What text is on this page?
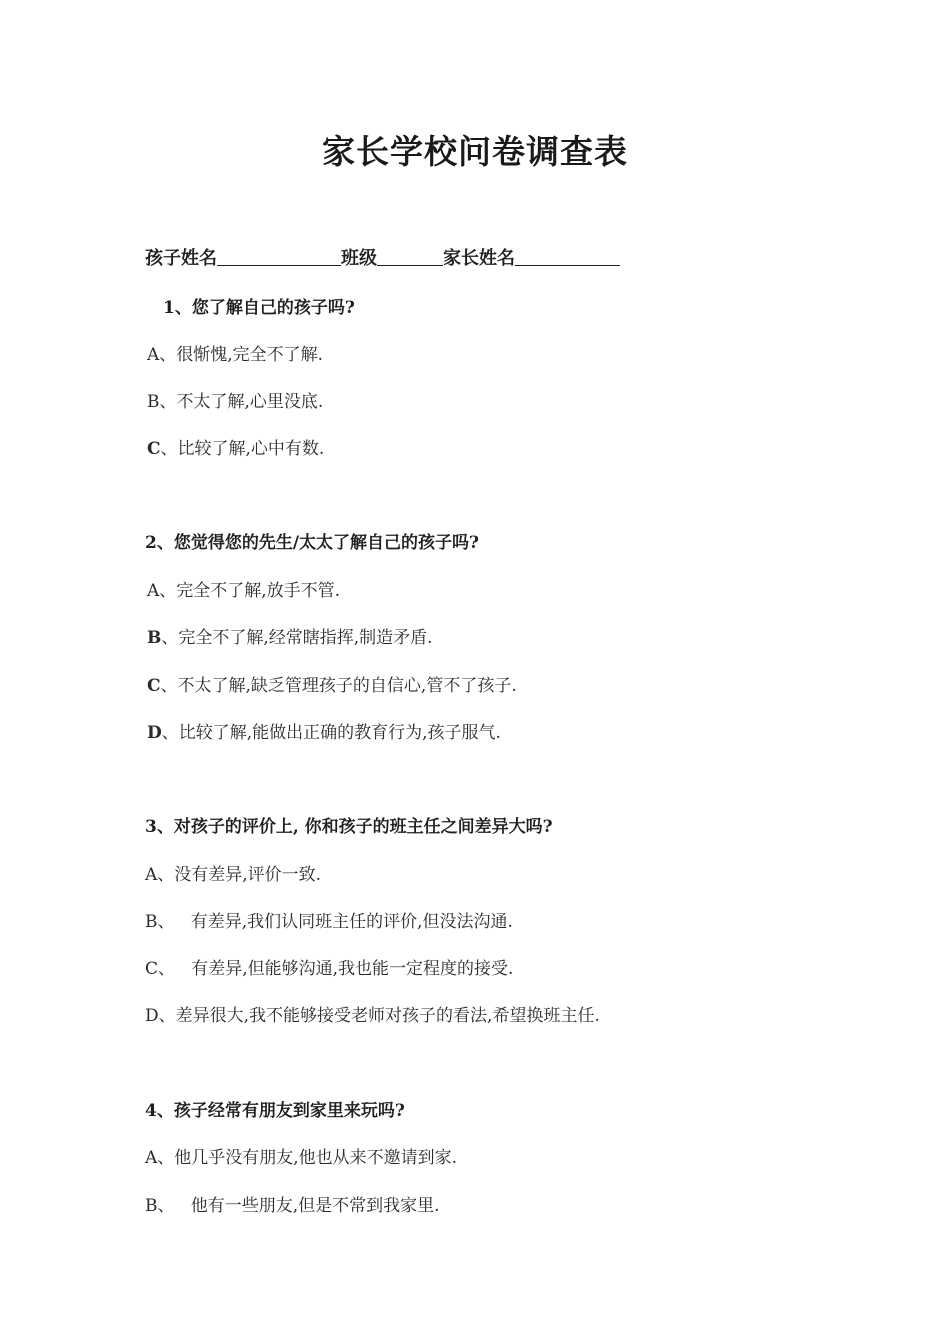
家长学校问卷调查表
孩子姓名	班级	家长姓名
1、您了解自己的孩子吗?
A、很惭愧,完全不了解.
B、不太了解,心里没底.
C、比较了解,心中有数.
2、您觉得您的先生/太太了解自己的孩子吗?
A、完全不了解,放手不管.
B、完全不了解,经常瞎指挥,制造矛盾.
C、不太了解,缺乏管理孩子的自信心,管不了孩子.
D、比较了解,能做出正确的教育行为,孩子服气.
3、对孩子的评价上, 你和孩子的班主任之间差异大吗?
A、没有差异,评价一致.
B、   有差异,我们认同班主任的评价,但没法沟通.
C、   有差异,但能够沟通,我也能一定程度的接受.
D、差异很大,我不能够接受老师对孩子的看法,希望换班主任.
4、孩子经常有朋友到家里来玩吗?
A、他几乎没有朋友,他也从来不邀请到家.
B、   他有一些朋友,但是不常到我家里.
